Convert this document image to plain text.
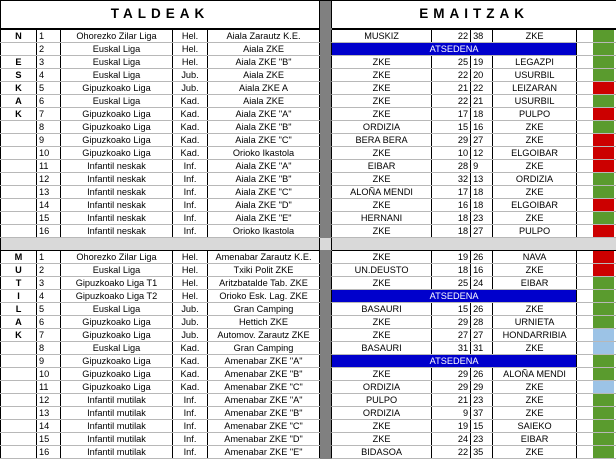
TALDEAK						EMAITZAK				
N	1	Ohorezko Zilar Liga	Hel.	Aiala Zarautz K.E.		MUSKIZ	22	38	ZKE	

	2	Euskal Liga	Hel.	Aiala ZKE		ATSEDENA				

E	3	Euskal Liga	Hel.	Aiala ZKE "B"		ZKE	25	19	LEGAZPI	

S	4	Euskal Liga	Jub.	Aiala ZKE		ZKE	22	20	USURBIL	

K	5	Gipuzkoako Liga	Jub.	Aiala ZKE A		ZKE	21	22	LEIZARAN	

A	6	Euskal Liga	Kad.	Aiala ZKE		ZKE	22	21	USURBIL	

K	7	Gipuzkoako Liga	Kad.	Aiala ZKE "A"		ZKE	17	18	PULPO	

	8	Gipuzkoako Liga	Kad.	Aiala ZKE "B"		ORDIZIA	15	16	ZKE	

	9	Gipuzkoako Liga	Kad.	Aiala ZKE "C"		BERA BERA	29	27	ZKE	

	10	Gipuzkoako Liga	Kad.	Orioko Ikastola		ZKE	10	12	ELGOIBAR	

	11	Infantil neskak	Inf.	Aiala ZKE "A"		EIBAR	28	9	ZKE	

	12	Infantil neskak	Inf.	Aiala ZKE "B"		ZKE	32	13	ORDIZIA	

	13	Infantil neskak	Inf.	Aiala ZKE "C"		ALOÑA MENDI	17	18	ZKE	

	14	Infantil neskak	Inf.	Aiala ZKE "D"		ZKE	16	18	ELGOIBAR	

	15	Infantil neskak	Inf.	Aiala ZKE "E"		HERNANI	18	23	ZKE	

	16	Infantil neskak	Inf.	Orioko Ikastola		ZKE	18	27	PULPO	

M	1	Ohorezko Zilar Liga	Hel.	Amenabar Zarautz K.E.		ZKE	19	26	NAVA	

U	2	Euskal Liga	Hel.	Txiki Polit ZKE		UN.DEUSTO	18	16	ZKE	

T	3	Gipuzkoako Liga T1	Hel.	Aritzbatalde Tab. ZKE		ZKE	25	24	EIBAR	

I	4	Gipuzkoako Liga T2	Hel.	Orioko Esk. Lag. ZKE		ATSEDENA				

L	5	Euskal Liga	Jub.	Gran Camping		BASAURI	15	26	ZKE	

A	6	Gipuzkoako Liga	Jub.	Hettich ZKE		ZKE	29	28	URNIETA	

K	7	Gipuzkoako Liga	Jub.	Automov. Zarautz ZKE		ZKE	27	27	HONDARRIBIA	

	8	Euskal Liga	Kad.	Gran Camping		BASAURI	31	31	ZKE	

	9	Gipuzkoako Liga	Kad.	Amenabar ZKE "A"		ATSEDENA				

	10	Gipuzkoako Liga	Kad.	Amenabar ZKE "B"		ZKE	29	26	ALOÑA MENDI	

	11	Gipuzkoako Liga	Kad.	Amenabar ZKE "C"		ORDIZIA	29	29	ZKE	

	12	Infantil mutilak	Inf.	Amenabar ZKE "A"		PULPO	21	23	ZKE	

	13	Infantil mutilak	Inf.	Amenabar ZKE "B"		ORDIZIA	9	37	ZKE	

	14	Infantil mutilak	Inf.	Amenabar ZKE "C"		ZKE	19	15	SAIEKO	

	15	Infantil mutilak	Inf.	Amenabar ZKE "D"		ZKE	24	23	EIBAR	

	16	Infantil mutilak	Inf.	Amenabar ZKE "E"		BIDASOA	22	35	ZKE	
